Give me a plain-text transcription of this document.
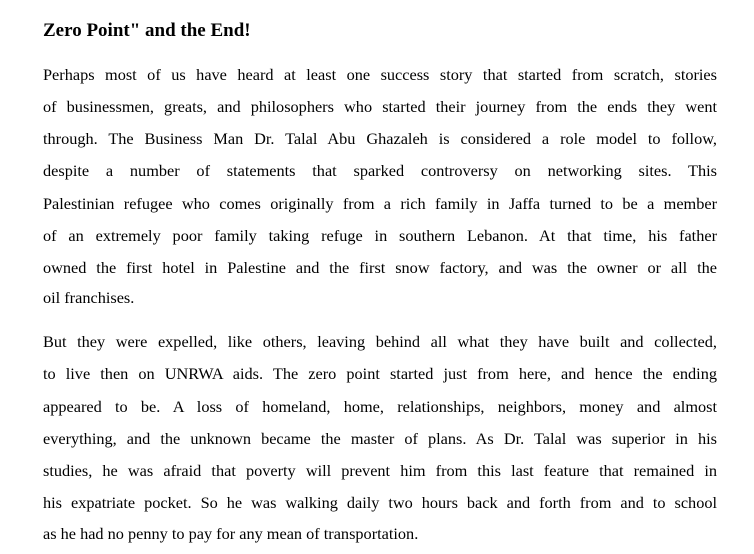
Zero Point" and the End!
Perhaps most of us have heard at least one success story that started from scratch, stories
of businessmen, greats, and philosophers who started their journey from the ends they went
through. The Business Man Dr. Talal Abu Ghazaleh is considered a role model to follow,
despite a number of statements that sparked controversy on networking sites. This
Palestinian refugee who comes originally from a rich family in Jaffa turned to be a member
of an extremely poor family taking refuge in southern Lebanon. At that time, his father
owned the first hotel in Palestine and the first snow factory, and was the owner or all the
oil franchises.
But they were expelled, like others, leaving behind all what they have built and collected,
to live then on UNRWA aids. The zero point started just from here, and hence the ending
appeared to be. A loss of homeland, home, relationships, neighbors, money and almost
everything, and the unknown became the master of plans. As Dr. Talal was superior in his
studies, he was afraid that poverty will prevent him from this last feature that remained in
his expatriate pocket. So he was walking daily two hours back and forth from and to school
as he had no penny to pay for any mean of transportation.
